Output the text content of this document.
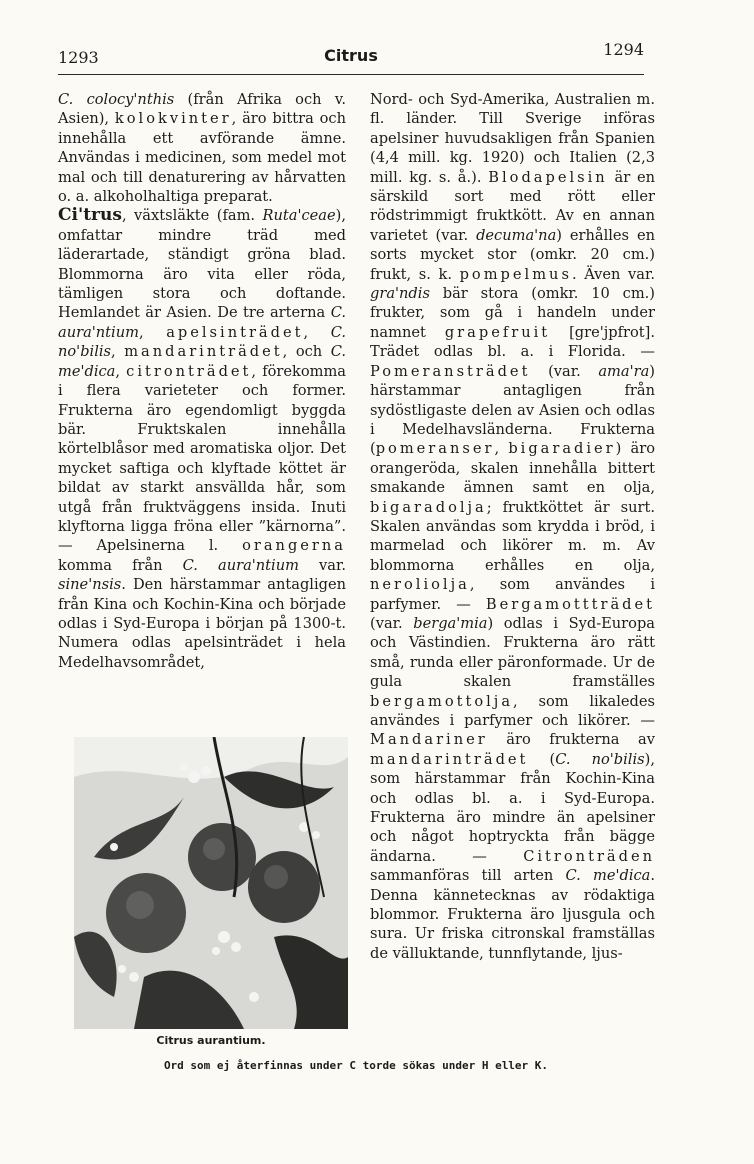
1293	Citrus	1294

C. colocy'nthis (från Afrika och v. Asien), kolokvinter, äro bittra och innehålla ett avförande ämne. Användas i medicinen, som medel mot mal och till denaturering av hårvatten o. a. alkoholhaltiga preparat.

Ci'trus, växtsläkte (fam. Ruta'ceae), omfattar mindre träd med läderartade, ständigt gröna blad. Blommorna äro vita eller röda, tämligen stora och doftande. Hemlandet är Asien. De tre arterna C. aura'ntium, apelsinträdet, C. no'bilis, mandarinträdet, och C. me'dica, citronträdet, förekomma i flera varieteter och former. Frukterna äro egendomligt byggda bär. Fruktskalen innehålla körtelblåsor med aromatiska oljor. Det mycket saftiga och klyftade köttet är bildat av starkt ansvällda hår, som utgå från fruktväggens insida. Inuti klyftorna ligga fröna eller ”kärnorna”. — Apelsinerna l. orangerna komma från C. aura'ntium var. sine'nsis. Den härstammar antagligen från Kina och Kochin-Kina och började odlas i Syd-Europa i början på 1300-t. Numera odlas apelsinträdet i hela Medelhavsområdet,

Citrus aurantium.

Nord- och Syd-Amerika, Australien m. fl. länder. Till Sverige införas apelsiner huvudsakligen från Spanien (4,4 mill. kg. 1920) och Italien (2,3 mill. kg. s. å.). Blodapelsin är en särskild sort med rött eller rödstrimmigt fruktkött. Av en annan varietet (var. decuma'na) erhålles en sorts mycket stor (omkr. 20 cm.) frukt, s. k. pompelmus. Även var. gra'ndis bär stora (omkr. 10 cm.) frukter, som gå i handeln under namnet grapefruit [gre'jpfrot]. Trädet odlas bl. a. i Florida. — Pomeransträdet (var. ama'ra) härstammar antagligen från sydöstligaste delen av Asien och odlas i Medelhavsländerna. Frukterna (pomeranser, bigaradier) äro orangeröda, skalen innehålla bittert smakande ämnen samt en olja, bigaradolja; fruktköttet är surt. Skalen användas som krydda i bröd, i marmelad och likörer m. m. Av blommorna erhålles en olja, neroliolja, som användes i parfymer. — Bergamottträdet (var. berga'mia) odlas i Syd-Europa och Västindien. Frukterna äro rätt små, runda eller päronformade. Ur de gula skalen framställes bergamottolja, som likaledes användes i parfymer och likörer. — Mandariner äro frukterna av mandarinträdet (C. no'bilis), som härstammar från Kochin-Kina och odlas bl. a. i Syd-Europa. Frukterna äro mindre än apelsiner och något hoptryckta från bägge ändarna. — Citronträden sammanföras till arten C. me'dica. Denna kännetecknas av rödaktiga blommor. Frukterna äro ljusgula och sura. Ur friska citronskal framställas de välluktande, tunnflytande, ljus-

Ord som ej återfinnas under C torde sökas under H eller K.
